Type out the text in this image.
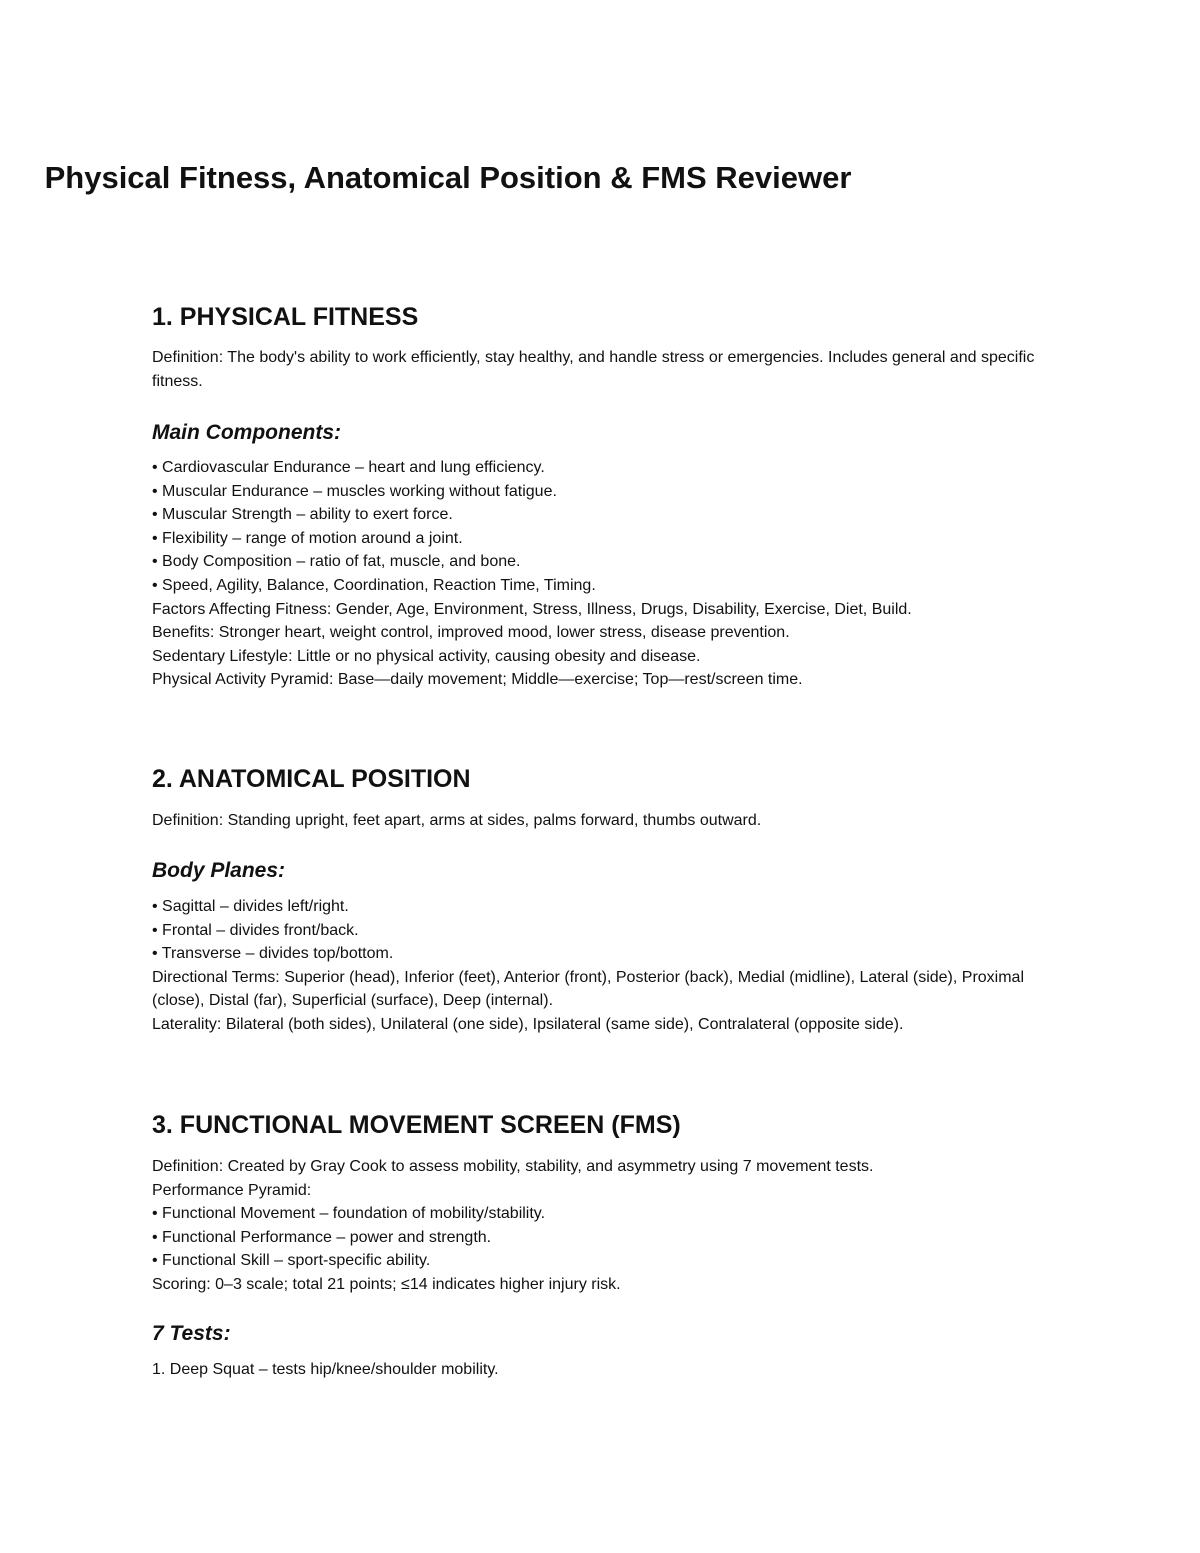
Physical Fitness, Anatomical Position & FMS Reviewer
1. PHYSICAL FITNESS

Definition: The body's ability to work efficiently, stay healthy, and handle stress or emergencies. Includes general and specific fitness.

Main Components:
• Cardiovascular Endurance – heart and lung efficiency.
• Muscular Endurance – muscles working without fatigue.
• Muscular Strength – ability to exert force.
• Flexibility – range of motion around a joint.
• Body Composition – ratio of fat, muscle, and bone.
• Speed, Agility, Balance, Coordination, Reaction Time, Timing.
Factors Affecting Fitness: Gender, Age, Environment, Stress, Illness, Drugs, Disability, Exercise, Diet, Build.
Benefits: Stronger heart, weight control, improved mood, lower stress, disease prevention.
Sedentary Lifestyle: Little or no physical activity, causing obesity and disease.
Physical Activity Pyramid: Base—daily movement; Middle—exercise; Top—rest/screen time.
2. ANATOMICAL POSITION

Definition: Standing upright, feet apart, arms at sides, palms forward, thumbs outward.

Body Planes:
• Sagittal – divides left/right.
• Frontal – divides front/back.
• Transverse – divides top/bottom.
Directional Terms: Superior (head), Inferior (feet), Anterior (front), Posterior (back), Medial (midline), Lateral (side), Proximal (close), Distal (far), Superficial (surface), Deep (internal).
Laterality: Bilateral (both sides), Unilateral (one side), Ipsilateral (same side), Contralateral (opposite side).
3. FUNCTIONAL MOVEMENT SCREEN (FMS)
Definition: Created by Gray Cook to assess mobility, stability, and asymmetry using 7 movement tests.
Performance Pyramid:
• Functional Movement – foundation of mobility/stability.
• Functional Performance – power and strength.
• Functional Skill – sport-specific ability.
Scoring: 0–3 scale; total 21 points; ≤14 indicates higher injury risk.
7 Tests:
1. Deep Squat – tests hip/knee/shoulder mobility.
